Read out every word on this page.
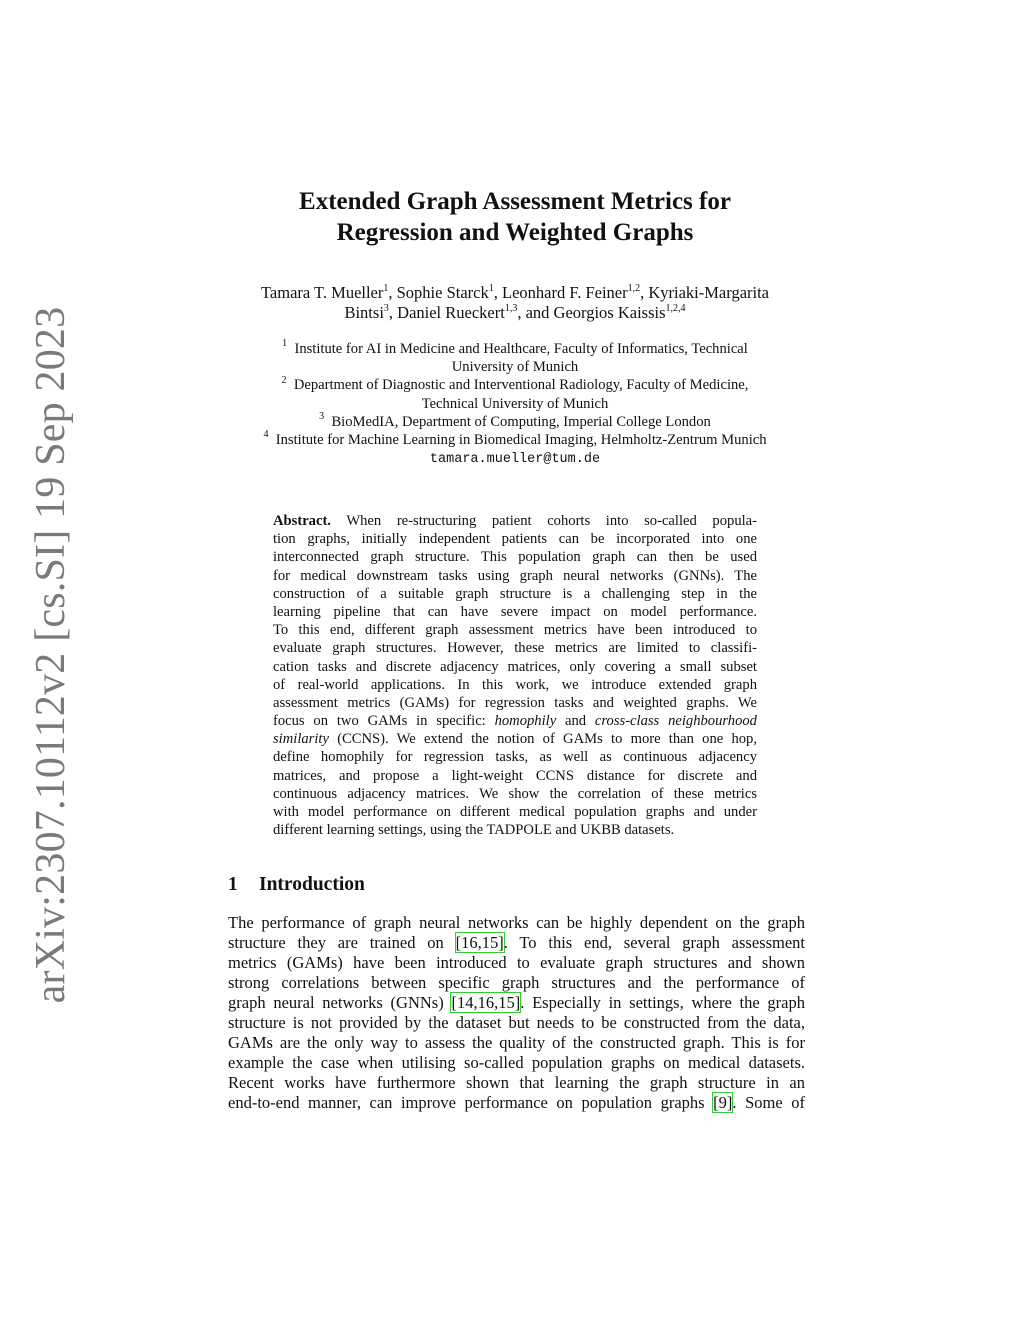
arXiv:2307.10112v2 [cs.SI] 19 Sep 2023
Extended Graph Assessment Metrics for
Regression and Weighted Graphs
Tamara T. Mueller$^1$, Sophie Starck$^1$, Leonhard F. Feiner$^{1,2}$, Kyriaki-Margarita
Bintsi$^3$, Daniel Rueckert$^{1,3}$, and Georgios Kaissis$^{1,2,4}$
$^1$ Institute for AI in Medicine and Healthcare, Faculty of Informatics, Technical
University of Munich
$^2$ Department of Diagnostic and Interventional Radiology, Faculty of Medicine,
Technical University of Munich
$^3$ BioMedIA, Department of Computing, Imperial College London
$^4$ Institute for Machine Learning in Biomedical Imaging, Helmholtz-Zentrum Munich
tamara.mueller@tum.de
Abstract. When re-structuring patient cohorts into so-called popula-
tion graphs, initially independent patients can be incorporated into one
interconnected graph structure. This population graph can then be used
for medical downstream tasks using graph neural networks (GNNs). The
construction of a suitable graph structure is a challenging step in the
learning pipeline that can have severe impact on model performance.
To this end, different graph assessment metrics have been introduced to
evaluate graph structures. However, these metrics are limited to classifi-
cation tasks and discrete adjacency matrices, only covering a small subset
of real-world applications. In this work, we introduce extended graph
assessment metrics (GAMs) for regression tasks and weighted graphs. We
focus on two GAMs in specific: homophily and cross-class neighbourhood
similarity (CCNS). We extend the notion of GAMs to more than one hop,
define homophily for regression tasks, as well as continuous adjacency
matrices, and propose a light-weight CCNS distance for discrete and
continuous adjacency matrices. We show the correlation of these metrics
with model performance on different medical population graphs and under
different learning settings, using the TADPOLE and UKBB datasets.
1 Introduction
The performance of graph neural networks can be highly dependent on the graph
structure they are trained on [16,15]. To this end, several graph assessment
metrics (GAMs) have been introduced to evaluate graph structures and shown
strong correlations between specific graph structures and the performance of
graph neural networks (GNNs) [14,16,15]. Especially in settings, where the graph
structure is not provided by the dataset but needs to be constructed from the data,
GAMs are the only way to assess the quality of the constructed graph. This is for
example the case when utilising so-called population graphs on medical datasets.
Recent works have furthermore shown that learning the graph structure in an
end-to-end manner, can improve performance on population graphs [9]. Some of
